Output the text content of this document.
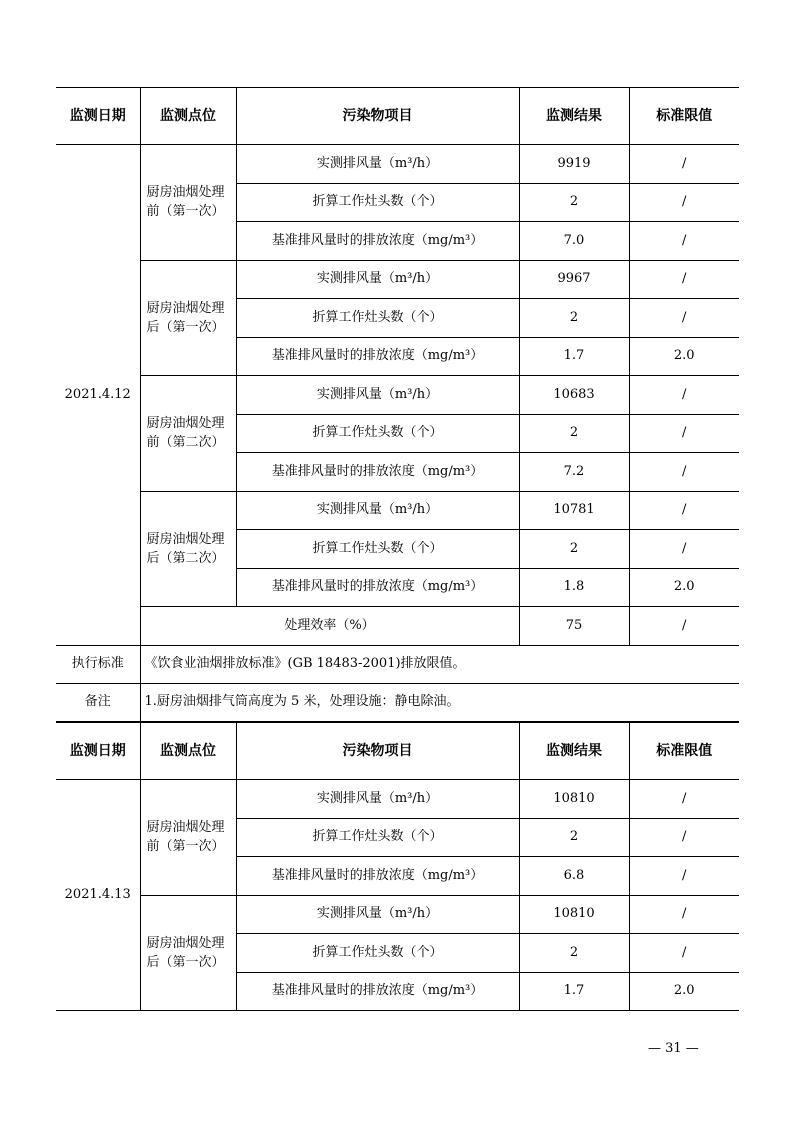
监测日期	监测点位	污染物项目	监测结果	标准限值
2021.4.12	厨房油烟处理前（第一次）	实测排风量（m³/h）	9919	/
		折算工作灶头数（个）	2	/
		基准排风量时的排放浓度（mg/m³）	7.0	/
	厨房油烟处理后（第一次）	实测排风量（m³/h）	9967	/
		折算工作灶头数（个）	2	/
		基准排风量时的排放浓度（mg/m³）	1.7	2.0
	厨房油烟处理前（第二次）	实测排风量（m³/h）	10683	/
		折算工作灶头数（个）	2	/
		基准排风量时的排放浓度（mg/m³）	7.2	/
	厨房油烟处理后（第二次）	实测排风量（m³/h）	10781	/
		折算工作灶头数（个）	2	/
		基准排风量时的排放浓度（mg/m³）	1.8	2.0
	处理效率（%）		75	/
执行标准	《饮食业油烟排放标准》(GB 18483-2001)排放限值。			
备注	1.厨房油烟排气筒高度为 5 米，处理设施：静电除油。			
监测日期	监测点位	污染物项目	监测结果	标准限值
2021.4.13	厨房油烟处理前（第一次）	实测排风量（m³/h）	10810	/
		折算工作灶头数（个）	2	/
		基准排风量时的排放浓度（mg/m³）	6.8	/
	厨房油烟处理后（第一次）	实测排风量（m³/h）	10810	/
		折算工作灶头数（个）	2	/
		基准排风量时的排放浓度（mg/m³）	1.7	2.0
— 31 —
